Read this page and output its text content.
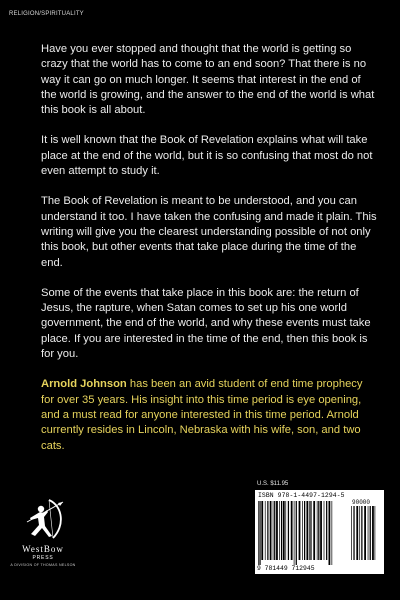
RELIGION/SPIRITUALITY

Have you ever stopped and thought that the world is getting so crazy that the world has to come to an end soon? That there is no way it can go on much longer. It seems that interest in the end of the world is growing, and the answer to the end of the world is what this book is all about.

It is well known that the Book of Revelation explains what will take place at the end of the world, but it is so confusing that most do not even attempt to study it.

The Book of Revelation is meant to be understood, and you can understand it too. I have taken the confusing and made it plain. This writing will give you the clearest understanding possible of not only this book, but other events that take place during the time of the end.

Some of the events that take place in this book are: the return of Jesus, the rapture, when Satan comes to set up his one world government, the end of the world, and why these events must take place. If you are interested in the time of the end, then this book is for you.

Arnold Johnson has been an avid student of end time prophecy for over 35 years. His insight into this time period is eye opening, and a must read for anyone interested in this time period. Arnold currently resides in Lincoln, Nebraska with his wife, son, and two cats.

U.S. $11.95
ISBN 978-1-4497-1294-5
90000
9 781449 712945
WestBow
PRESS
A DIVISION OF THOMAS NELSON
